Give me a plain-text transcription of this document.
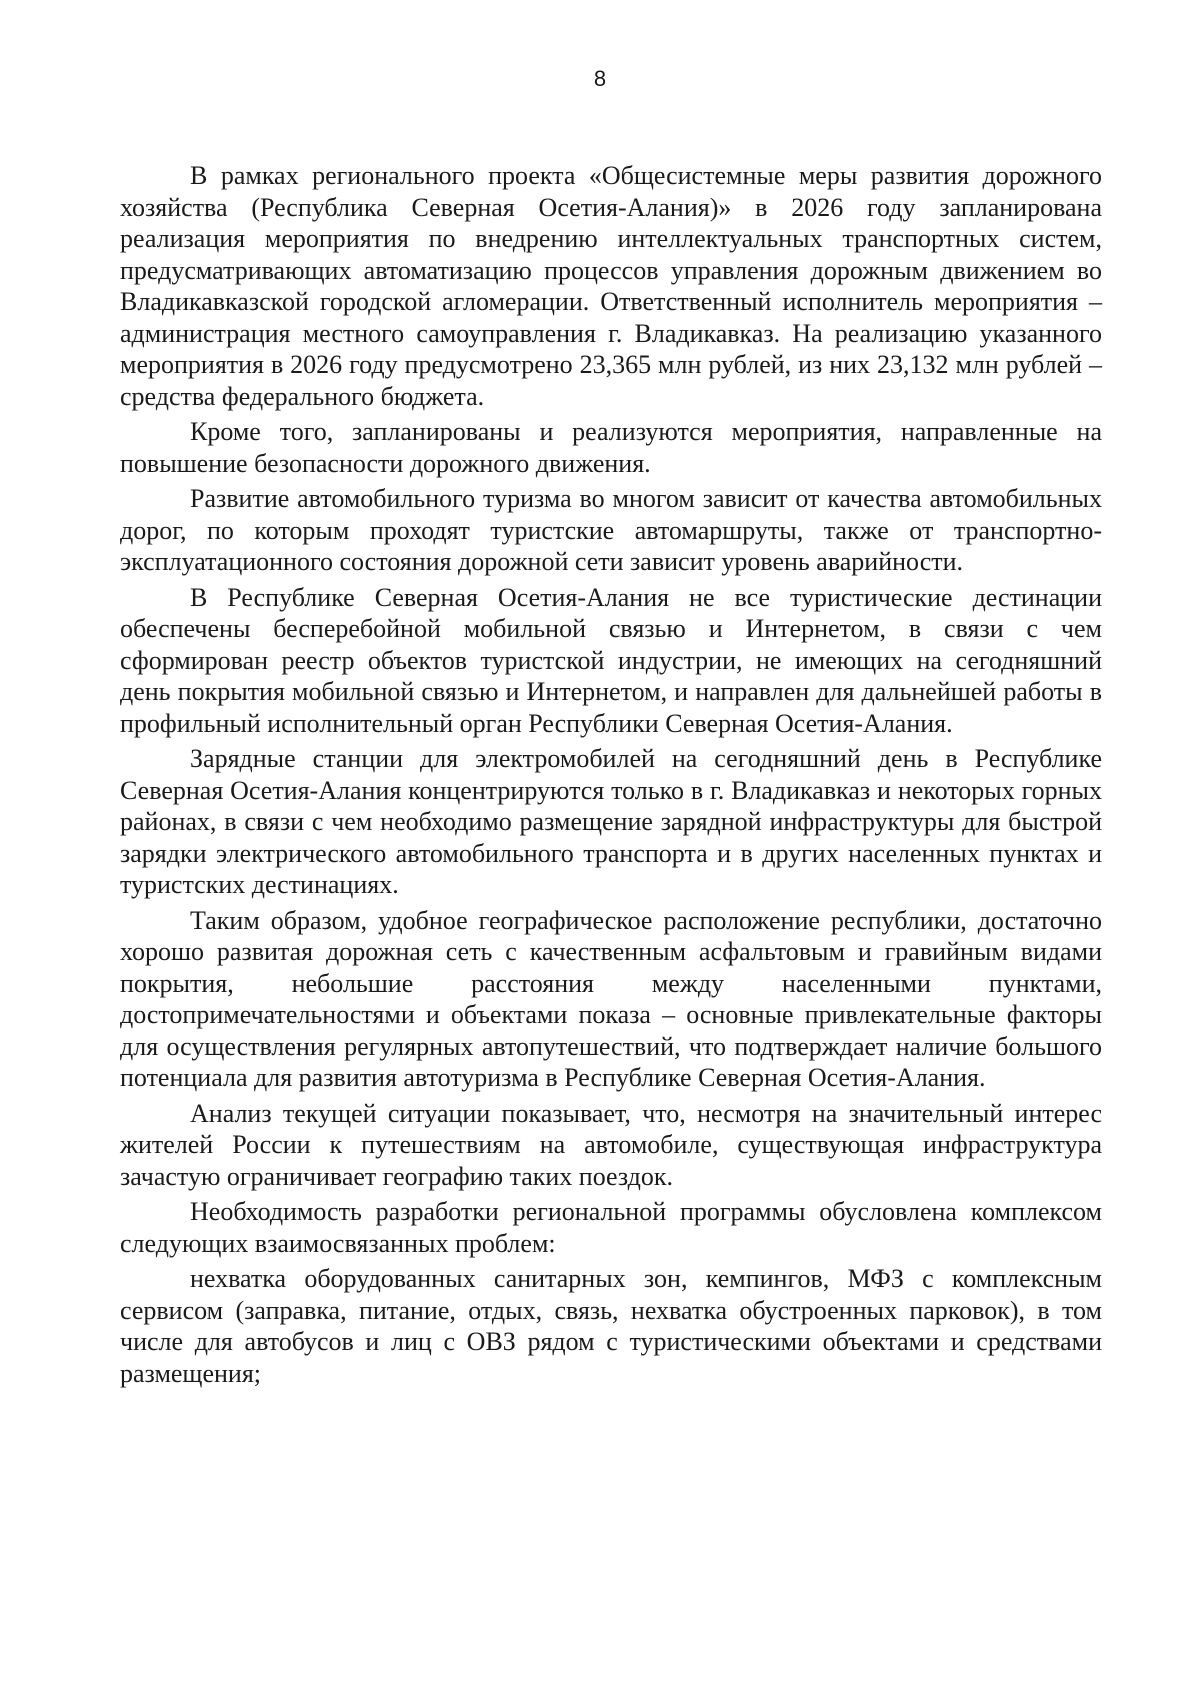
8

В рамках регионального проекта «Общесистемные меры развития дорожного хозяйства (Республика Северная Осетия-Алания)» в 2026 году запланирована реализация мероприятия по внедрению интеллектуальных транспортных систем, предусматривающих автоматизацию процессов управления дорожным движением во Владикавказской городской агломерации. Ответственный исполнитель мероприятия – администрация местного самоуправления г. Владикавказ. На реализацию указанного мероприятия в 2026 году предусмотрено 23,365 млн рублей, из них 23,132 млн рублей – средства федерального бюджета.

Кроме того, запланированы и реализуются мероприятия, направленные на повышение безопасности дорожного движения.

Развитие автомобильного туризма во многом зависит от качества автомобильных дорог, по которым проходят туристские автомаршруты, также от транспортно-эксплуатационного состояния дорожной сети зависит уровень аварийности.

В Республике Северная Осетия-Алания не все туристические дестинации обеспечены бесперебойной мобильной связью и Интернетом, в связи с чем сформирован реестр объектов туристской индустрии, не имеющих на сегодняшний день покрытия мобильной связью и Интернетом, и направлен для дальнейшей работы в профильный исполнительный орган Республики Северная Осетия-Алания.

Зарядные станции для электромобилей на сегодняшний день в Республике Северная Осетия-Алания концентрируются только в г. Владикавказ и некоторых горных районах, в связи с чем необходимо размещение зарядной инфраструктуры для быстрой зарядки электрического автомобильного транспорта и в других населенных пунктах и туристских дестинациях.

Таким образом, удобное географическое расположение республики, достаточно хорошо развитая дорожная сеть с качественным асфальтовым и гравийным видами покрытия, небольшие расстояния между населенными пунктами, достопримечательностями и объектами показа – основные привлекательные факторы для осуществления регулярных автопутешествий, что подтверждает наличие большого потенциала для развития автотуризма в Республике Северная Осетия-Алания.

Анализ текущей ситуации показывает, что, несмотря на значительный интерес жителей России к путешествиям на автомобиле, существующая инфраструктура зачастую ограничивает географию таких поездок.

Необходимость разработки региональной программы обусловлена комплексом следующих взаимосвязанных проблем:

нехватка оборудованных санитарных зон, кемпингов, МФЗ с комплексным сервисом (заправка, питание, отдых, связь, нехватка обустроенных парковок), в том числе для автобусов и лиц с ОВЗ рядом с туристическими объектами и средствами размещения;
